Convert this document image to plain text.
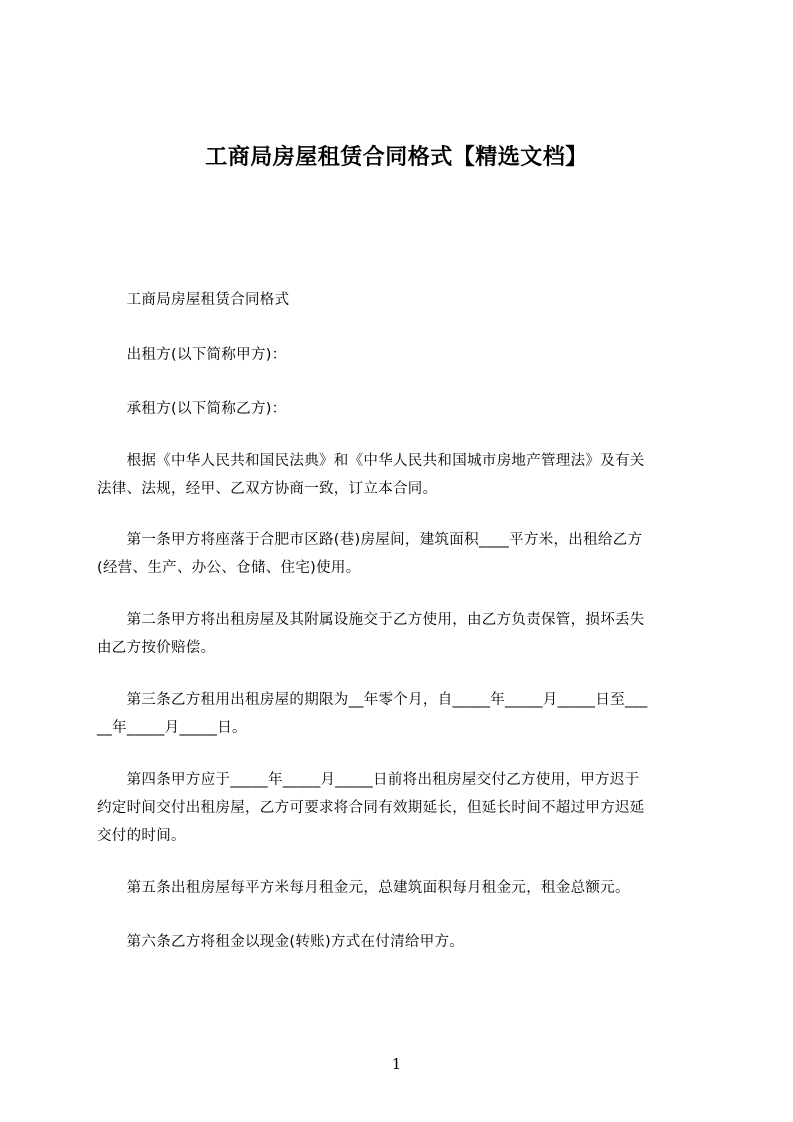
工商局房屋租赁合同格式【精选文档】
　　工商局房屋租赁合同格式
　　出租方(以下简称甲方)：
　　承租方(以下简称乙方)：
　　根据《中华人民共和国民法典》和《中华人民共和国城市房地产管理法》及有关
法律、法规，经甲、乙双方协商一致，订立本合同。
　　第一条甲方将座落于合肥市区路(巷)房屋间，建筑面积____平方米，出租给乙方
(经营、生产、办公、仓储、住宅)使用。
　　第二条甲方将出租房屋及其附属设施交于乙方使用，由乙方负责保管，损坏丢失
由乙方按价赔偿。
　　第三条乙方租用出租房屋的期限为__年零个月，自_____年_____月_____日至___
__年_____月_____日。
　　第四条甲方应于_____年_____月_____日前将出租房屋交付乙方使用，甲方迟于
约定时间交付出租房屋，乙方可要求将合同有效期延长，但延长时间不超过甲方迟延
交付的时间。
　　第五条出租房屋每平方米每月租金元，总建筑面积每月租金元，租金总额元。
　　第六条乙方将租金以现金(转账)方式在付清给甲方。
1
